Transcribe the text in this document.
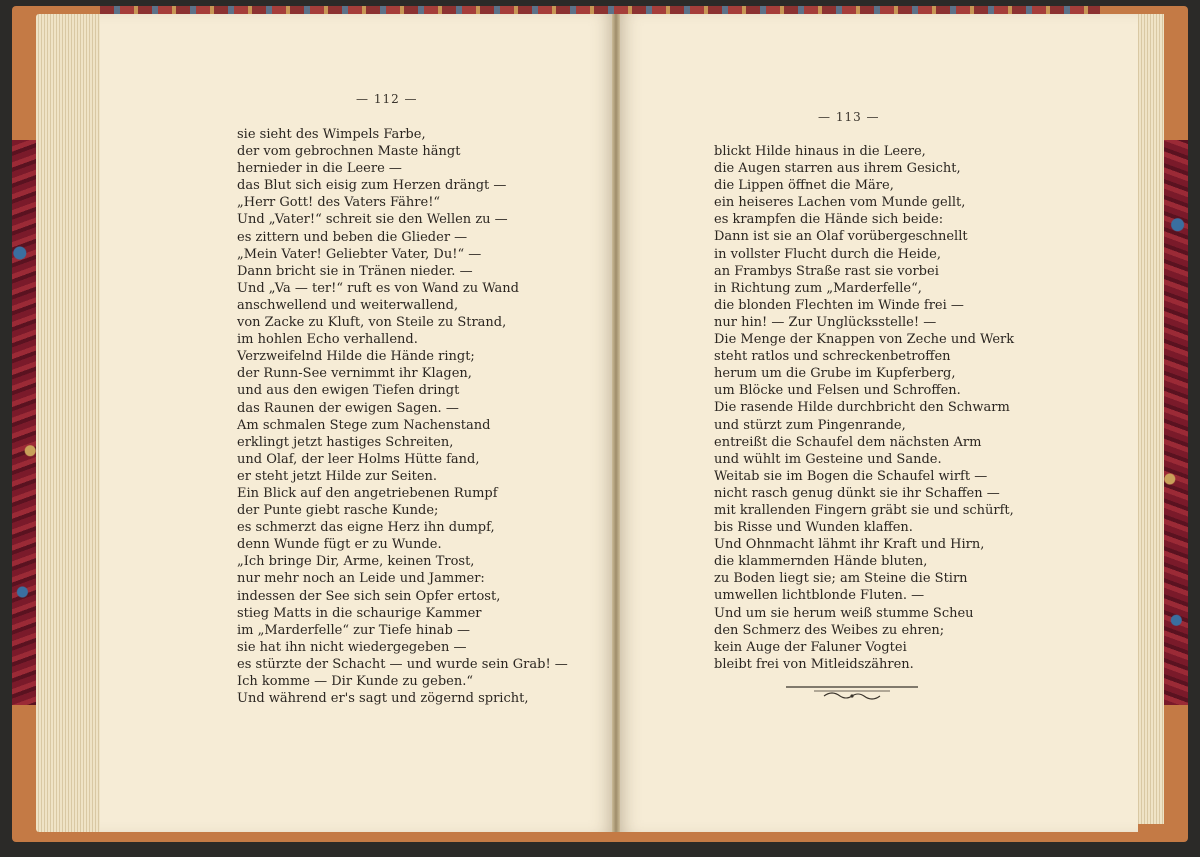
— 112 —
— 113 —
sie sieht des Wimpels Farbe,
der vom gebrochnen Maste hängt
hernieder in die Leere —
das Blut sich eisig zum Herzen drängt —
„Herr Gott! des Vaters Fähre!“
Und „Vater!“ schreit sie den Wellen zu —
es zittern und beben die Glieder —
„Mein Vater! Geliebter Vater, Du!“ —
Dann bricht sie in Tränen nieder. —
Und „Va — ter!“ ruft es von Wand zu Wand
anschwellend und weiterwallend,
von Zacke zu Kluft, von Steile zu Strand,
im hohlen Echo verhallend.
Verzweifelnd Hilde die Hände ringt;
der Runn-See vernimmt ihr Klagen,
und aus den ewigen Tiefen dringt
das Raunen der ewigen Sagen. —
Am schmalen Stege zum Nachenstand
erklingt jetzt hastiges Schreiten,
und Olaf, der leer Holms Hütte fand,
er steht jetzt Hilde zur Seiten.
Ein Blick auf den angetriebenen Rumpf
der Punte giebt rasche Kunde;
es schmerzt das eigne Herz ihn dumpf,
denn Wunde fügt er zu Wunde.
„Ich bringe Dir, Arme, keinen Trost,
nur mehr noch an Leide und Jammer:
indessen der See sich sein Opfer ertost,
stieg Matts in die schaurige Kammer
im „Marderfelle“ zur Tiefe hinab —
sie hat ihn nicht wiedergegeben —
es stürzte der Schacht — und wurde sein Grab! —
Ich komme — Dir Kunde zu geben.“
Und während er's sagt und zögernd spricht,
blickt Hilde hinaus in die Leere,
die Augen starren aus ihrem Gesicht,
die Lippen öffnet die Märe,
ein heiseres Lachen vom Munde gellt,
es krampfen die Hände sich beide:
Dann ist sie an Olaf vorübergeschnellt
in vollster Flucht durch die Heide,
an Frambys Straße rast sie vorbei
in Richtung zum „Marderfelle“,
die blonden Flechten im Winde frei —
nur hin! — Zur Unglücksstelle! —
Die Menge der Knappen von Zeche und Werk
steht ratlos und schreckenbetroffen
herum um die Grube im Kupferberg,
um Blöcke und Felsen und Schroffen.
Die rasende Hilde durchbricht den Schwarm
und stürzt zum Pingenrande,
entreißt die Schaufel dem nächsten Arm
und wühlt im Gesteine und Sande.
Weitab sie im Bogen die Schaufel wirft —
nicht rasch genug dünkt sie ihr Schaffen —
mit krallenden Fingern gräbt sie und schürft,
bis Risse und Wunden klaffen.
Und Ohnmacht lähmt ihr Kraft und Hirn,
die klammernden Hände bluten,
zu Boden liegt sie; am Steine die Stirn
umwellen lichtblonde Fluten. —
Und um sie herum weiß stumme Scheu
den Schmerz des Weibes zu ehren;
kein Auge der Faluner Vogtei
bleibt frei von Mitleidszähren.
